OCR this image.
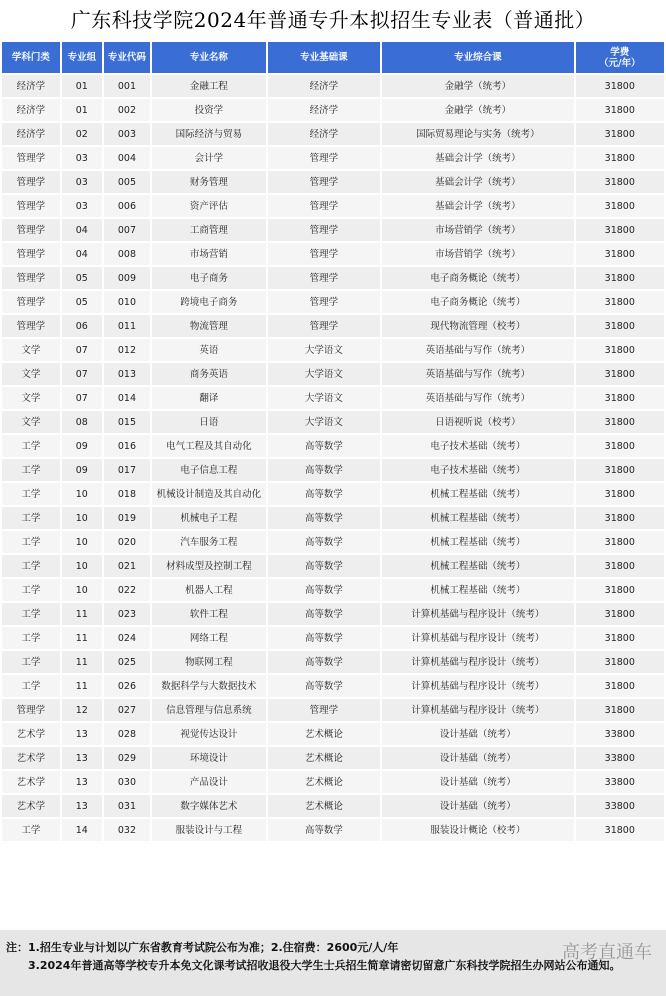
广东科技学院2024年普通专升本拟招生专业表（普通批）
学科门类	专业组	专业代码	专业名称	专业基础课	专业综合课	学费
（元/年）

经济学	01	001	金融工程	经济学	金融学（统考）	31800
经济学	01	002	投资学	经济学	金融学（统考）	31800
经济学	02	003	国际经济与贸易	经济学	国际贸易理论与实务（统考）	31800
管理学	03	004	会计学	管理学	基础会计学（统考）	31800
管理学	03	005	财务管理	管理学	基础会计学（统考）	31800
管理学	03	006	资产评估	管理学	基础会计学（统考）	31800
管理学	04	007	工商管理	管理学	市场营销学（统考）	31800
管理学	04	008	市场营销	管理学	市场营销学（统考）	31800
管理学	05	009	电子商务	管理学	电子商务概论（统考）	31800
管理学	05	010	跨境电子商务	管理学	电子商务概论（统考）	31800
管理学	06	011	物流管理	管理学	现代物流管理（校考）	31800
文学	07	012	英语	大学语文	英语基础与写作（统考）	31800
文学	07	013	商务英语	大学语文	英语基础与写作（统考）	31800
文学	07	014	翻译	大学语文	英语基础与写作（统考）	31800
文学	08	015	日语	大学语文	日语视听说（校考）	31800
工学	09	016	电气工程及其自动化	高等数学	电子技术基础（统考）	31800
工学	09	017	电子信息工程	高等数学	电子技术基础（统考）	31800
工学	10	018	机械设计制造及其自动化	高等数学	机械工程基础（统考）	31800
工学	10	019	机械电子工程	高等数学	机械工程基础（统考）	31800
工学	10	020	汽车服务工程	高等数学	机械工程基础（统考）	31800
工学	10	021	材料成型及控制工程	高等数学	机械工程基础（统考）	31800
工学	10	022	机器人工程	高等数学	机械工程基础（统考）	31800
工学	11	023	软件工程	高等数学	计算机基础与程序设计（统考）	31800
工学	11	024	网络工程	高等数学	计算机基础与程序设计（统考）	31800
工学	11	025	物联网工程	高等数学	计算机基础与程序设计（统考）	31800
工学	11	026	数据科学与大数据技术	高等数学	计算机基础与程序设计（统考）	31800
管理学	12	027	信息管理与信息系统	管理学	计算机基础与程序设计（统考）	31800
艺术学	13	028	视觉传达设计	艺术概论	设计基础（统考）	33800
艺术学	13	029	环境设计	艺术概论	设计基础（统考）	33800
艺术学	13	030	产品设计	艺术概论	设计基础（统考）	33800
艺术学	13	031	数字媒体艺术	艺术概论	设计基础（统考）	33800
工学	14	032	服装设计与工程	高等数学	服装设计概论（校考）	31800
注：1.招生专业与计划以广东省教育考试院公布为准；2.住宿费：2600元/人/年
3.2024年普通高等学校专升本免文化课考试招收退役大学生士兵招生简章请密切留意广东科技学院招生办网站公布通知。
高考直通车
